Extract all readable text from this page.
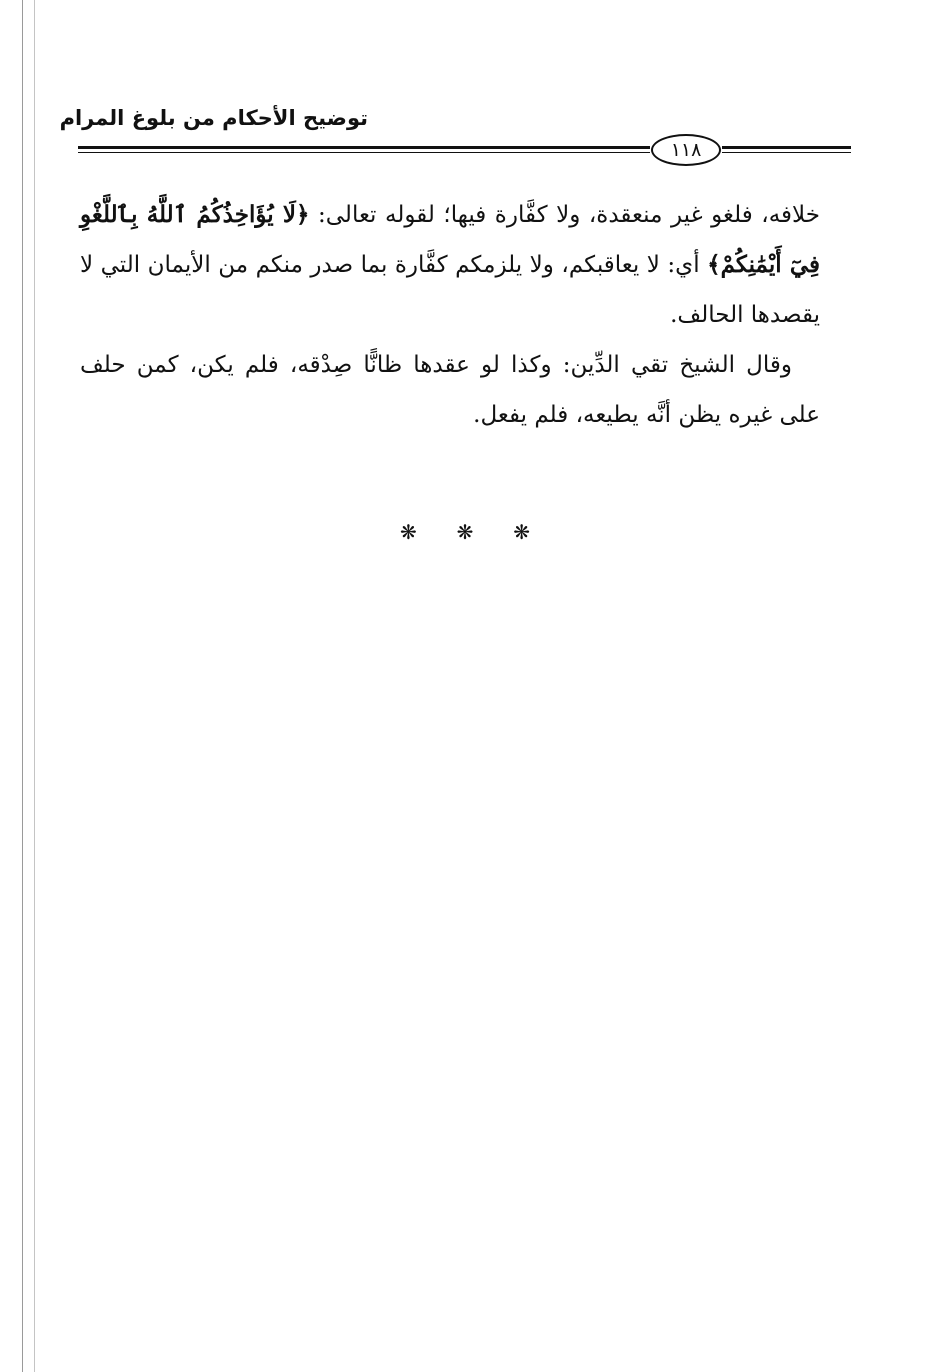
توضيح الأحكام من بلوغ المرام
١١٨

خلافه، فلغو غير منعقدة، ولا كفَّارة فيها؛ لقوله تعالى: ﴿لَا يُؤَاخِذُكُمُ ٱللَّهُ بِٱللَّغْوِ فِيٓ أَيْمَٰنِكُمْ﴾ أي: لا يعاقبكم، ولا يلزمكم كفَّارة بما صدر منكم من الأيمان التي لا يقصدها الحالف.

وقال الشيخ تقي الدِّين: وكذا لو عقدها ظانًّا صِدْقه، فلم يكن، كمن حلف على غيره يظن أنَّه يطيعه، فلم يفعل.

❋ ❋ ❋
